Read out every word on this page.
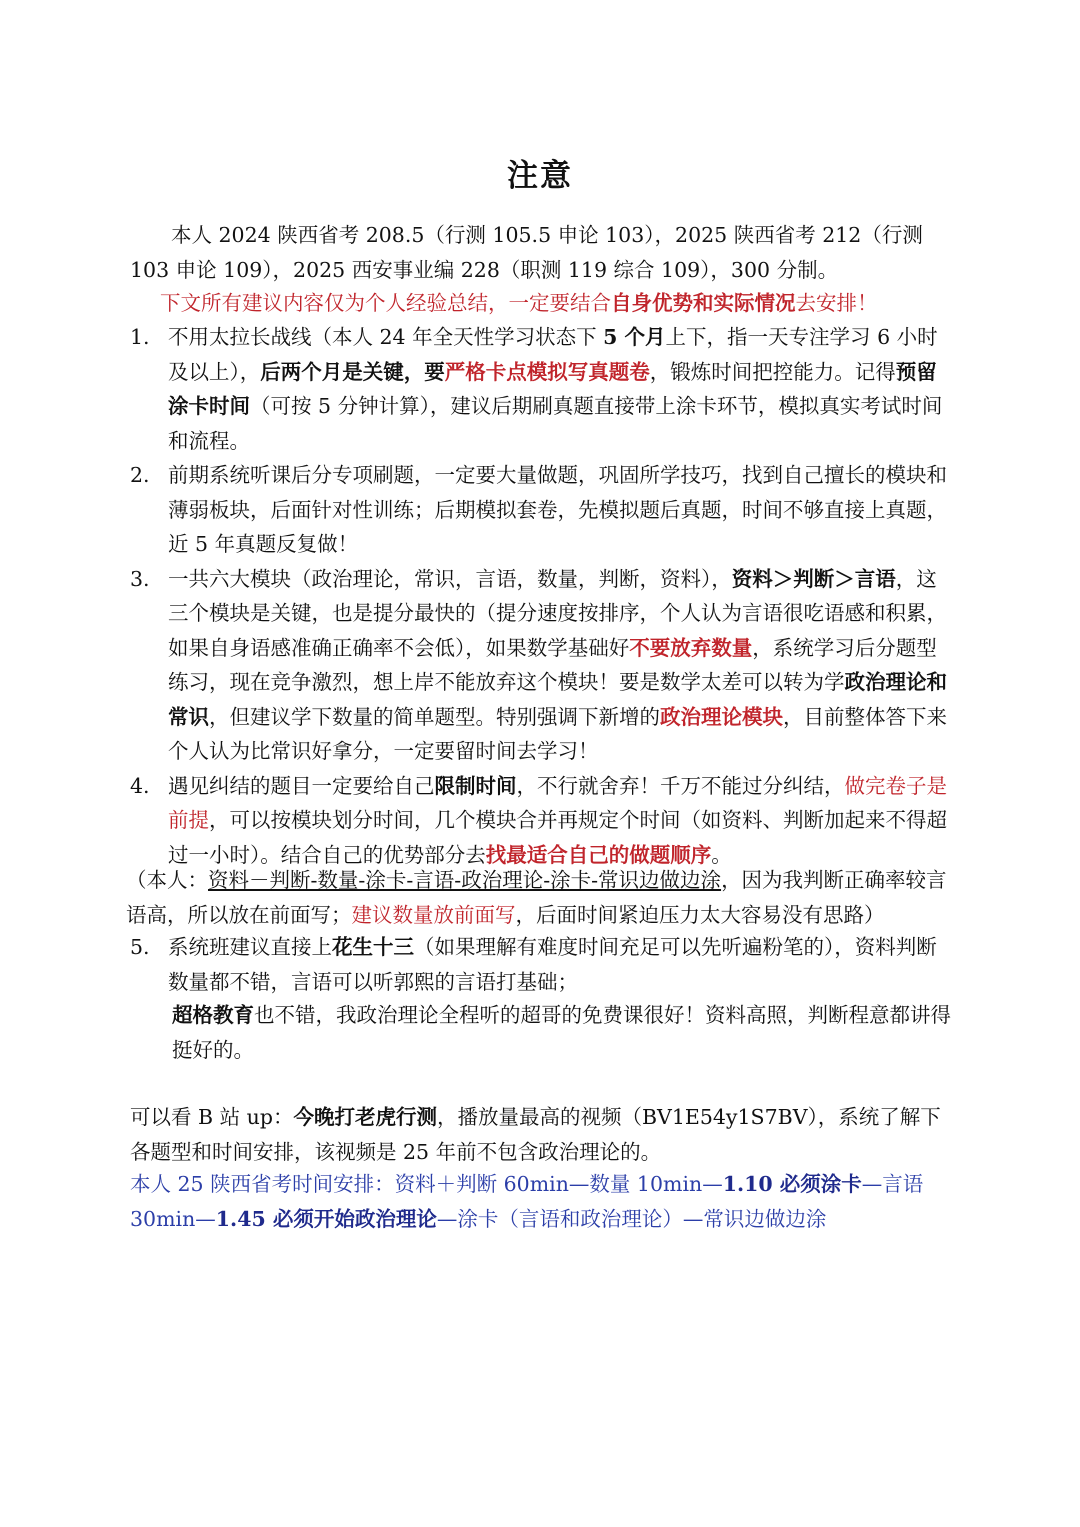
注意
本人 2024 陕西省考 208.5（行测 105.5 申论 103），2025 陕西省考 212（行测 103 申论 109），2025 西安事业编 228（职测 119 综合 109），300 分制。
下文所有建议内容仅为个人经验总结，一定要结合自身优势和实际情况去安排！
1. 不用太拉长战线（本人 24 年全天性学习状态下 5 个月上下，指一天专注学习 6 小时及以上），后两个月是关键，要严格卡点模拟写真题卷，锻炼时间把控能力。记得预留涂卡时间（可按 5 分钟计算），建议后期刷真题直接带上涂卡环节，模拟真实考试时间和流程。
2. 前期系统听课后分专项刷题，一定要大量做题，巩固所学技巧，找到自己擅长的模块和薄弱板块，后面针对性训练；后期模拟套卷，先模拟题后真题，时间不够直接上真题，近 5 年真题反复做！
3. 一共六大模块（政治理论，常识，言语，数量，判断，资料），资料＞判断＞言语，这三个模块是关键，也是提分最快的（提分速度按排序，个人认为言语很吃语感和积累，如果自身语感准确正确率不会低），如果数学基础好不要放弃数量，系统学习后分题型练习，现在竞争激烈，想上岸不能放弃这个模块！要是数学太差可以转为学政治理论和常识，但建议学下数量的简单题型。特别强调下新增的政治理论模块，目前整体答下来个人认为比常识好拿分，一定要留时间去学习！
4. 遇见纠结的题目一定要给自己限制时间，不行就舍弃！千万不能过分纠结，做完卷子是前提，可以按模块划分时间，几个模块合并再规定个时间（如资料、判断加起来不得超过一小时）。结合自己的优势部分去找最适合自己的做题顺序。
（本人：资料－判断-数量-涂卡-言语-政治理论-涂卡-常识边做边涂，因为我判断正确率较言语高，所以放在前面写；建议数量放前面写，后面时间紧迫压力太大容易没有思路）
5. 系统班建议直接上花生十三（如果理解有难度时间充足可以先听遍粉笔的），资料判断数量都不错，言语可以听郭熙的言语打基础；
超格教育也不错，我政治理论全程听的超哥的免费课很好！资料高照，判断程意都讲得挺好的。
可以看 B 站 up：今晚打老虎行测，播放量最高的视频（BV1E54y1S7BV），系统了解下各题型和时间安排，该视频是 25 年前不包含政治理论的。
本人 25 陕西省考时间安排：资料＋判断 60min—数量 10min—1.10 必须涂卡—言语 30min—1.45 必须开始政治理论—涂卡（言语和政治理论）—常识边做边涂
